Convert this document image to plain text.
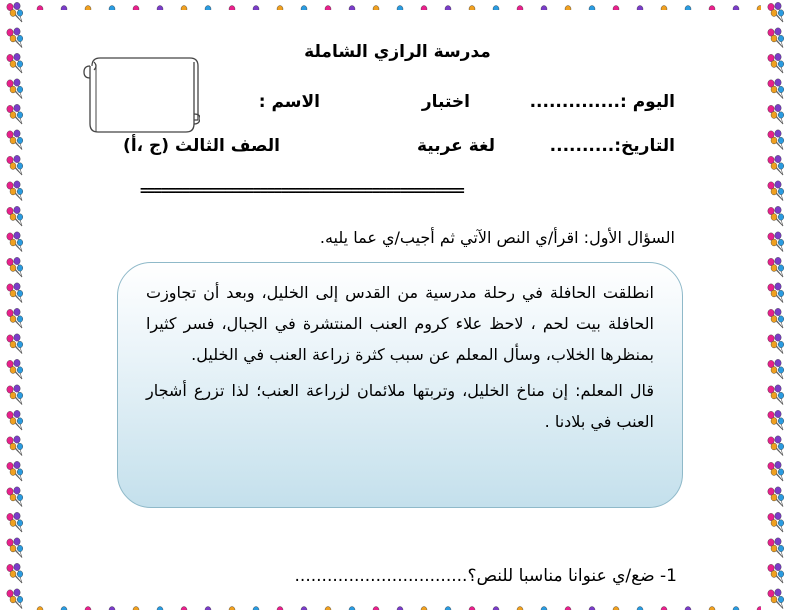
مدرسة الرازي الشاملة
اليوم :..............
اختبار
الاسم :
التاريخ:..........
لغة عربية
الصف الثالث (ج ،أ)
==============================================
السؤال الأول: اقرأ/ي النص الآتي ثم أجيب/ي عما يليه.
انطلقت الحافلة في رحلة مدرسية من القدس إلى الخليل، وبعد أن تجاوزت الحافلة بيت لحم ، لاحظ علاء كروم العنب المنتشرة في الجبال، فسر كثيرا بمنظرها الخلاب، وسأل المعلم عن سبب كثرة زراعة العنب في الخليل.
قال المعلم: إن مناخ الخليل، وتربتها ملائمان لزراعة العنب؛ لذا تزرع أشجار العنب في بلادنا .
1- ضع/ي عنوانا مناسبا للنص؟................................
